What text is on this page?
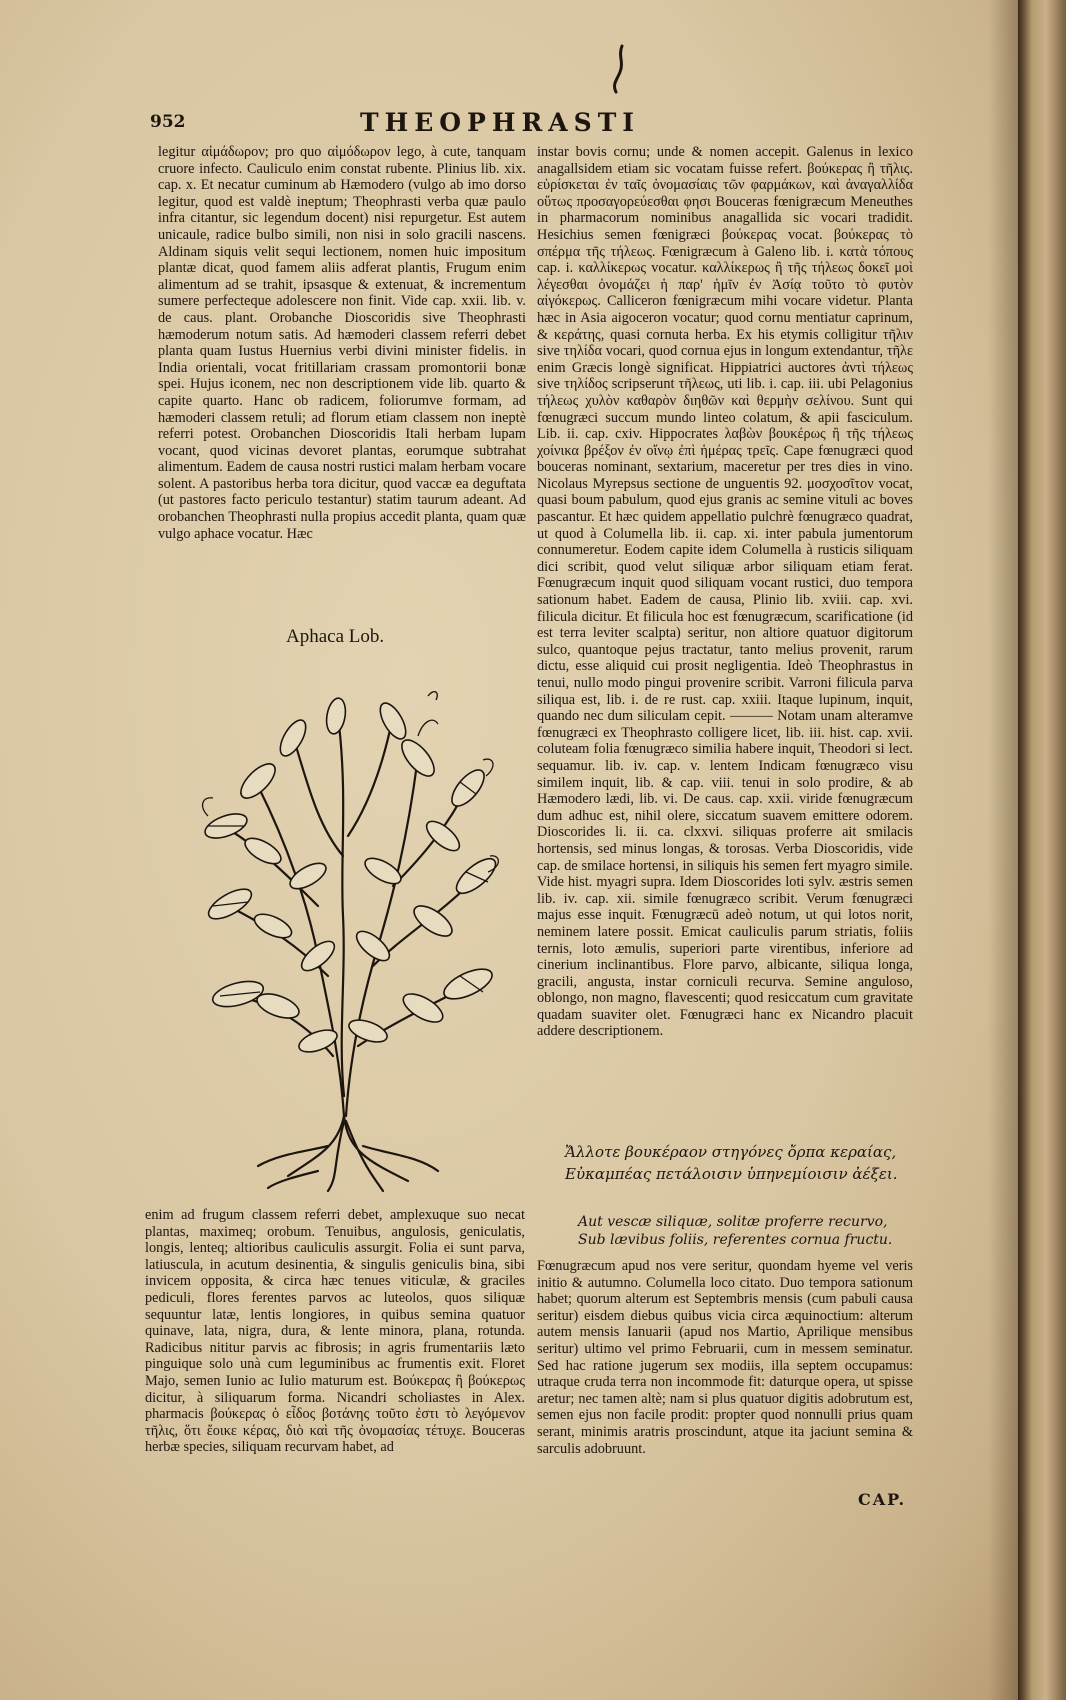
952	THEOPHRASTI

legitur αἱμάδωρον; pro quo αἱμόδωρον lego, à cute, tanquam cruore infecto. Cauliculo enim constat rubente. Plinius lib. xix. cap. x. Et necatur cuminum ab Hæmodero (vulgo ab imo dorso legitur, quod est valdè ineptum; Theophrasti verba quæ paulo infra citantur, sic legendum docent) nisi repurgetur. Est autem unicaule, radice bulbo simili, non nisi in solo gracili nascens. Aldinam siquis velit sequi lectionem, nomen huic impositum plantæ dicat, quod famem aliis adferat plantis, Frugum enim alimentum ad se trahit, ipsasque & extenuat, & incrementum sumere perfecteque adolescere non finit. Vide cap. xxii. lib. v. de caus. plant. Orobanche Dioscoridis sive Theophrasti hæmoderum notum satis. Ad hæmoderi classem referri debet planta quam Iustus Huernius verbi divini minister fidelis. in India orientali, vocat fritillariam crassam promontorii bonæ spei. Hujus iconem, nec non descriptionem vide lib. quarto & capite quarto. Hanc ob radicem, foliorumve formam, ad hæmoderi classem retuli; ad florum etiam classem non ineptè referri potest. Orobanchen Dioscoridis Itali herbam lupam vocant, quod vicinas devoret plantas, eorumque subtrahat alimentum. Eadem de causa nostri rustici malam herbam vocare solent. A pastoribus herba tora dicitur, quod vaccæ ea deguftata (ut pastores facto periculo testantur) statim taurum adeant. Ad orobanchen Theophrasti nulla propius accedit planta, quam quæ vulgo aphace vocatur. Hæc

Aphaca Lob.

enim ad frugum classem referri debet, amplexuque suo necat plantas, maximeq; orobum. Tenuibus, angulosis, geniculatis, longis, lenteq; altioribus cauliculis assurgit. Folia ei sunt parva, latiuscula, in acutum desinentia, & singulis geniculis bina, sibi invicem opposita, & circa hæc tenues viticulæ, & graciles pediculi, flores ferentes parvos ac luteolos, quos siliquæ sequuntur latæ, lentis longiores, in quibus semina quatuor quinave, lata, nigra, dura, & lente minora, plana, rotunda. Radicibus nititur parvis ac fibrosis; in agris frumentariis læto pinguique solo unà cum leguminibus ac frumentis exit. Floret Majo, semen Iunio ac Iulio maturum est. Βούκερας ἢ βούκερως dicitur, à siliquarum forma. Nicandri scholiastes in Alex. pharmacis βούκερας ὁ εἶδος βοτάνης τοῦτο ἐστι τὸ λεγόμενον τῆλις, ὅτι ἔοικε κέρας, διὸ καὶ τῆς ὀνομασίας τέτυχε. Bouceras herbæ species, siliquam recurvam habet, ad

instar bovis cornu; unde & nomen accepit. Galenus in lexico anagallsidem etiam sic vocatam fuisse refert. βούκερας ἢ τῆλις. εὑρίσκεται ἐν ταῖς ὀνομασίαις τῶν φαρμάκων, καὶ ἀναγαλλίδα οὕτως προσαγορεύεσθαι φησι Bouceras fœnigræcum Meneuthes in pharmacorum nominibus anagallida sic vocari tradidit. Hesichius semen fœnigræci βούκερας vocat. βούκερας τὸ σπέρμα τῆς τήλεως. Fœnigræcum à Galeno lib. i. κατὰ τόπους cap. i. καλλίκερως vocatur. καλλίκερως ἢ τῆς τήλεως δοκεῖ μοὶ λέγεσθαι ὀνομάζει ἡ παρ' ἡμῖν ἐν Ἀσίᾳ τοῦτο τὸ φυτὸν αἰγόκερως. Calliceron fœnigræcum mihi vocare videtur. Planta hæc in Asia aigoceron vocatur; quod cornu mentiatur caprinum, & κεράτης, quasi cornuta herba. Ex his etymis colligitur τῆλιν sive τηλίδα vocari, quod cornua ejus in longum extendantur, τῆλε enim Græcis longè significat. Hippiatrici auctores ἀντὶ τήλεως sive τηλίδος scripserunt τῆλεως, uti lib. i. cap. iii. ubi Pelagonius τήλεως χυλὸν καθαρὸν διηθῶν καὶ θερμὴν σελίνου. Sunt qui fœnugræci succum mundo linteo colatum, & apii fasciculum. Lib. ii. cap. cxiv. Hippocrates λαβὼν βουκέρως ἢ τῆς τήλεως χοίνικα βρέξον ἐν οἴνῳ ἐπὶ ἡμέρας τρεῖς. Cape fœnugræci quod bouceras nominant, sextarium, maceretur per tres dies in vino. Nicolaus Myrepsus sectione de unguentis 92. μοσχοσῖτον vocat, quasi boum pabulum, quod ejus granis ac semine vituli ac boves pascantur. Et hæc quidem appellatio pulchrè fœnugræco quadrat, ut quod à Columella lib. ii. cap. xi. inter pabula jumentorum connumeretur. Eodem capite idem Columella à rusticis siliquam dici scribit, quod velut siliquæ arbor siliquam etiam ferat. Fœnugræcum inquit quod siliquam vocant rustici, duo tempora sationum habet. Eadem de causa, Plinio lib. xviii. cap. xvi. filicula dicitur. Et filicula hoc est fœnugræcum, scarificatione (id est terra leviter scalpta) seritur, non altiore quatuor digitorum sulco, quantoque pejus tractatur, tanto melius provenit, rarum dictu, esse aliquid cui prosit negligentia. Ideò Theophrastus in tenui, nullo modo pingui provenire scribit. Varroni filicula parva siliqua est, lib. i. de re rust. cap. xxiii. Itaque lupinum, inquit, quando nec dum siliculam cepit. ——— Notam unam alteramve fœnugræci ex Theophrasto colligere licet, lib. iii. hist. cap. xvii. coluteam folia fœnugræco similia habere inquit, Theodori si lect. sequamur. lib. iv. cap. v. lentem Indicam fœnugræco visu similem inquit, lib. & cap. viii. tenui in solo prodire, & ab Hæmodero lædi, lib. vi. De caus. cap. xxii. viride fœnugræcum dum adhuc est, nihil olere, siccatum suavem emittere odorem. Dioscorides li. ii. ca. clxxvi. siliquas proferre ait smilacis hortensis, sed minus longas, & torosas. Verba Dioscoridis, vide cap. de smilace hortensi, in siliquis his semen fert myagro simile. Vide hist. myagri supra. Idem Dioscorides loti sylv. æstris semen lib. iv. cap. xii. simile fœnugræco scribit. Verum fœnugræci majus esse inquit. Fœnugræcū adeò notum, ut qui lotos norit, neminem latere possit. Emicat cauliculis parum striatis, foliis ternis, loto æmulis, superiori parte virentibus, inferiore ad cinerium inclinantibus. Flore parvo, albicante, siliqua longa, gracili, angusta, instar corniculi recurva. Semine angulosο, oblongo, non magno, flavescenti; quod resiccatum cum gravitate quadam suaviter olet. Fœnugræci hanc ex Nicandro placuit addere descriptionem.

Ἄλλοτε βουκέραον στηγόνες ὄρπα κεραίας,
Εὐκαμπέας πετάλοισιν ὑπηνεμίοισιν ἀέξει.
Aut vescæ siliquæ, solitæ proferre recurvo,
Sub lævibus foliis, referentes cornua fructu.

Fœnugræcum apud nos vere seritur, quondam hyeme vel veris initio & autumno. Columella loco citato. Duo tempora sationum habet; quorum alterum est Septembris mensis (cum pabuli causa seritur) eisdem diebus quibus vicia circa æquinoctium: alterum autem mensis Ianuarii (apud nos Martio, Aprilique mensibus seritur) ultimo vel primo Februarii, cum in messem seminatur. Sed hac ratione jugerum sex modiis, illa septem occupamus: utraque cruda terra non incommode fit: daturque opera, ut spisse aretur; nec tamen altè; nam si plus quatuor digitis adobrutum est, semen ejus non facile prodit: propter quod nonnulli prius quam serant, minimis aratris proscindunt, atque ita jaciunt semina & sarculis adobruunt.

CAP.
